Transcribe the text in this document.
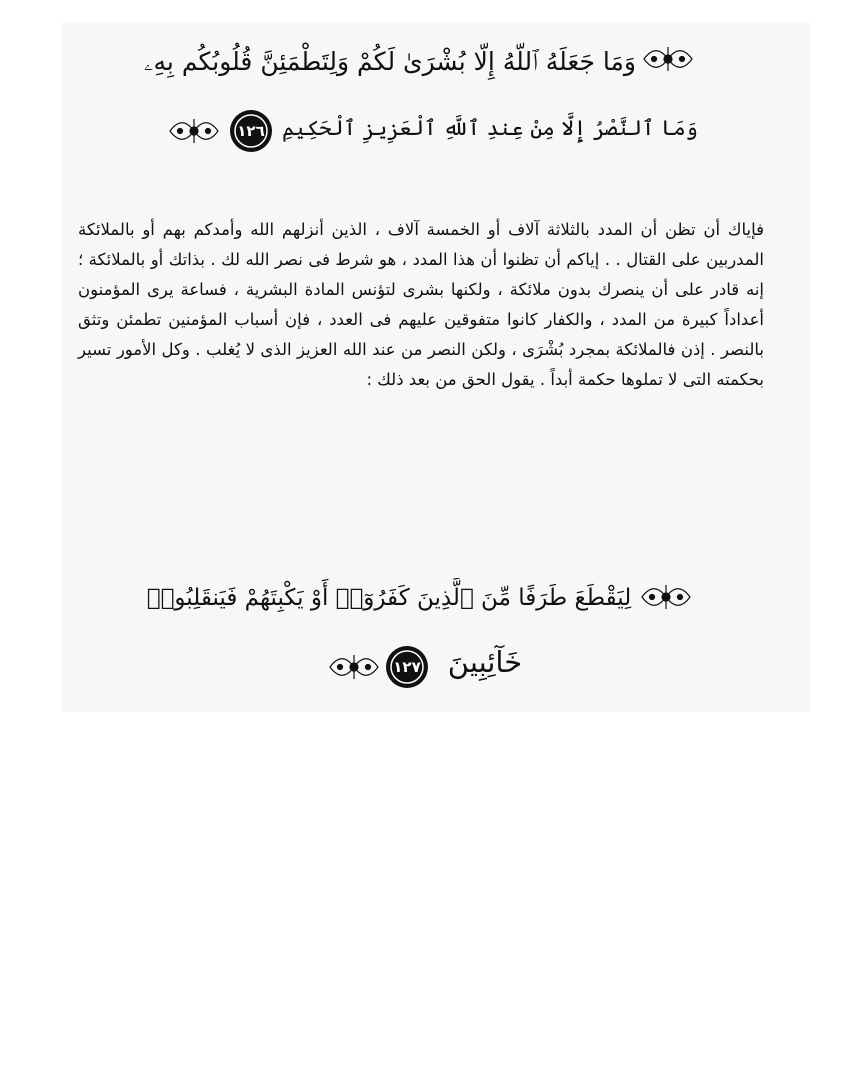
وَمَا جَعَلَهُ ٱللَّهُ إِلَّا بُشْرَىٰ لَكُمْ وَلِتَطْمَئِنَّ قُلُوبُكُم بِهِۦ
وَمَا ٱلنَّصْرُ إِلَّا مِنْ عِندِ ٱللَّهِ ٱلْعَزِيزِ ٱلْحَكِيمِ
١٢٦

فإياك أن تظن أن المدد بالثلاثة آلاف أو الخمسة آلاف ، الذين أنزلهم الله وأمدكم بهم أو بالملائكة المدربين على القتال . . إياكم أن تظنوا أن هذا المدد ، هو شرط فى نصر الله لك . بذاتك أو بالملائكة ؛ إنه قادر على أن ينصرك بدون ملائكة ، ولكنها بشرى لتؤنس المادة البشرية ، فساعة يرى المؤمنون أعداداً كبيرة من المدد ، والكفار كانوا متفوقين عليهم فى العدد ، فإن أسباب المؤمنين تطمئن وتثق بالنصر . إذن فالملائكة بمجرد بُشْرَى ، ولكن النصر من عند الله العزيز الذى لا يُغلب . وكل الأمور تسير بحكمته التى لا تملوها حكمة أبداً . يقول الحق من بعد ذلك :

لِيَقْطَعَ طَرَفًا مِّنَ ٱلَّذِينَ كَفَرُوٓا۟ أَوْ يَكْبِتَهُمْ فَيَنقَلِبُوا۟
خَآئِبِينَ
١٢٧
